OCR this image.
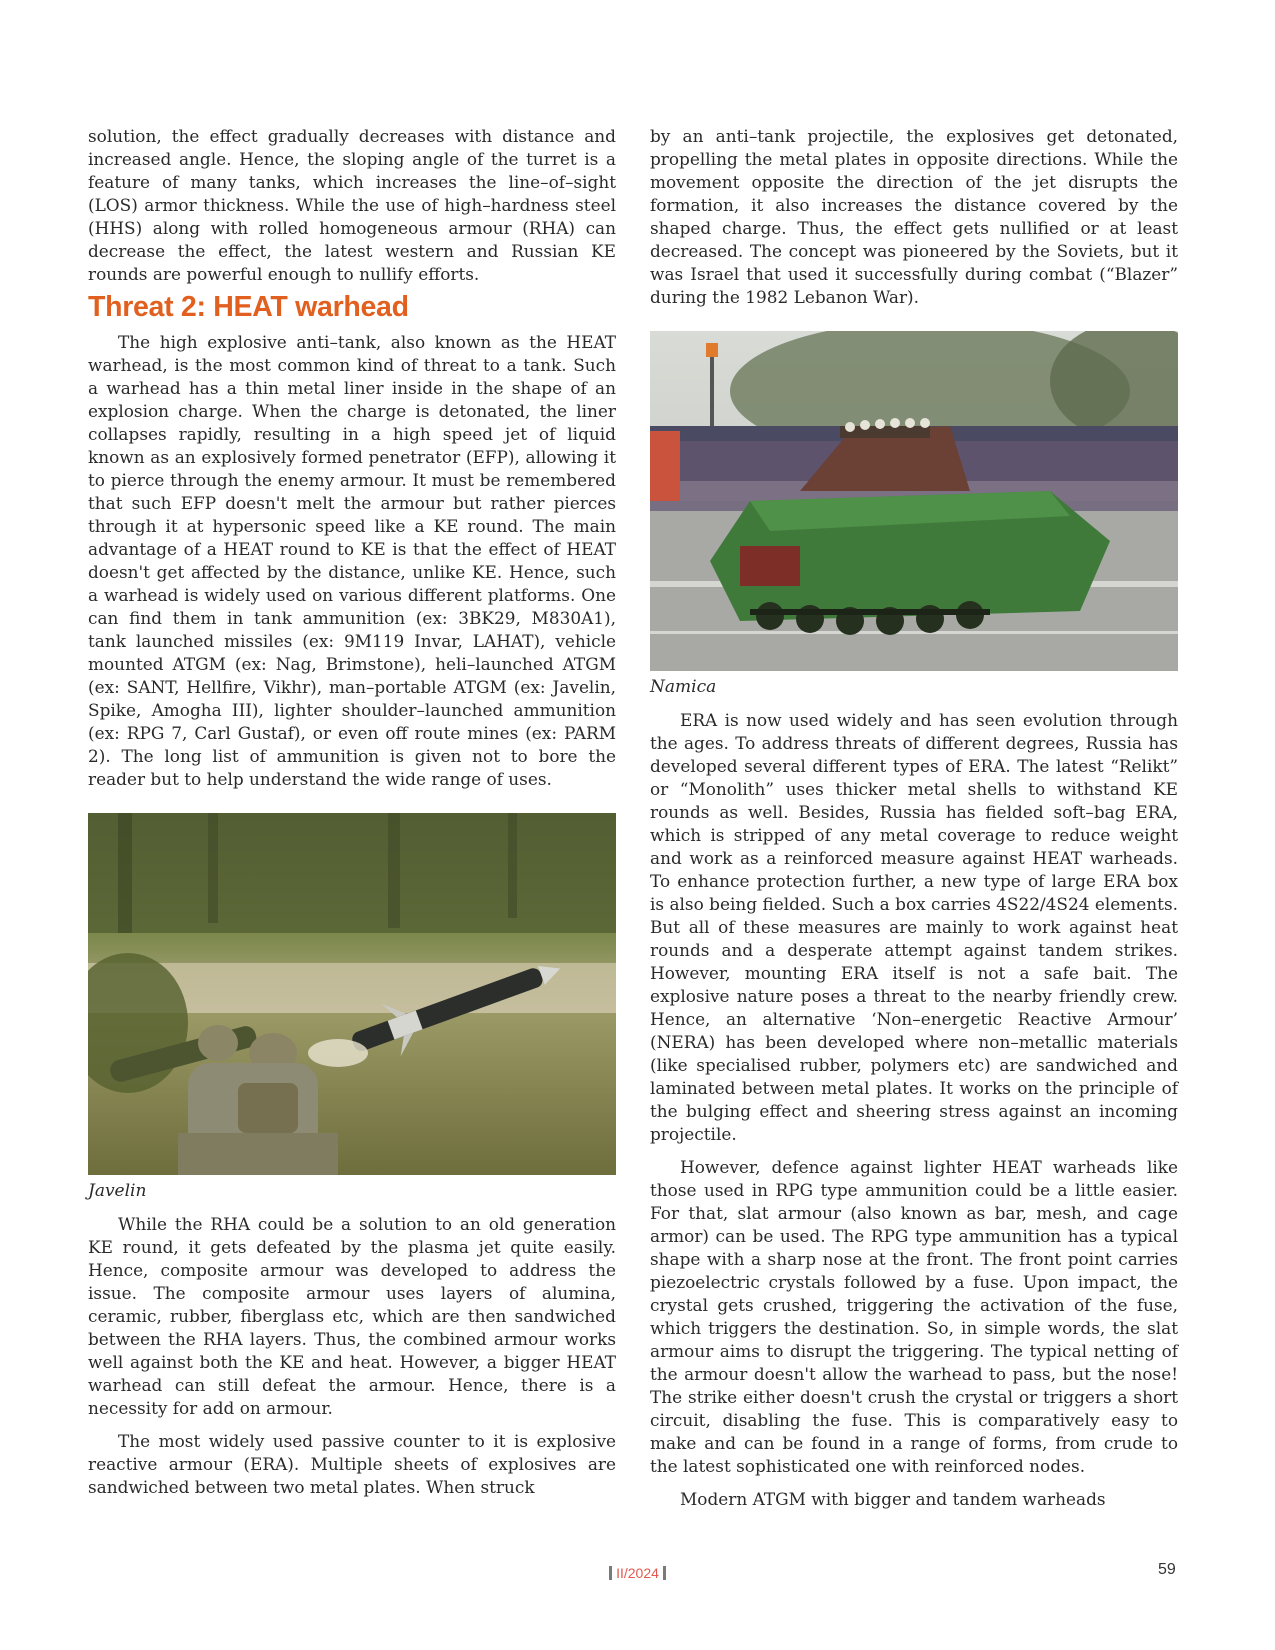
solution, the effect gradually decreases with distance and increased angle. Hence, the sloping angle of the turret is a feature of many tanks, which increases the line–of–sight (LOS) armor thickness. While the use of high–hardness steel (HHS) along with rolled homogeneous armour (RHA) can decrease the effect, the latest western and Russian KE rounds are powerful enough to nullify efforts.

Threat 2: HEAT warhead

The high explosive anti–tank, also known as the HEAT warhead, is the most common kind of threat to a tank. Such a warhead has a thin metal liner inside in the shape of an explosion charge. When the charge is detonated, the liner collapses rapidly, resulting in a high speed jet of liquid known as an explosively formed penetrator (EFP), allowing it to pierce through the enemy armour. It must be remembered that such EFP doesn't melt the armour but rather pierces through it at hypersonic speed like a KE round. The main advantage of a HEAT round to KE is that the effect of HEAT doesn't get affected by the distance, unlike KE. Hence, such a warhead is widely used on various different platforms. One can find them in tank ammunition (ex: 3BK29, M830A1), tank launched missiles (ex: 9M119 Invar, LAHAT), vehicle mounted ATGM (ex: Nag, Brimstone), heli–launched ATGM (ex: SANT, Hellfire, Vikhr), man–portable ATGM (ex: Javelin, Spike, Amogha III), lighter shoulder–launched ammunition (ex: RPG 7, Carl Gustaf), or even off route mines (ex: PARM 2). The long list of ammunition is given not to bore the reader but to help understand the wide range of uses.

Javelin

While the RHA could be a solution to an old generation KE round, it gets defeated by the plasma jet quite easily. Hence, composite armour was developed to address the issue. The composite armour uses layers of alumina, ceramic, rubber, fiberglass etc, which are then sandwiched between the RHA layers. Thus, the combined armour works well against both the KE and heat. However, a bigger HEAT warhead can still defeat the armour. Hence, there is a necessity for add on armour.

The most widely used passive counter to it is explosive reactive armour (ERA). Multiple sheets of explosives are sandwiched between two metal plates. When struck

by an anti–tank projectile, the explosives get detonated, propelling the metal plates in opposite directions. While the movement opposite the direction of the jet disrupts the formation, it also increases the distance covered by the shaped charge. Thus, the effect gets nullified or at least decreased. The concept was pioneered by the Soviets, but it was Israel that used it successfully during combat (“Blazer” during the 1982 Lebanon War).

Namica

ERA is now used widely and has seen evolution through the ages. To address threats of different degrees, Russia has developed several different types of ERA. The latest “Relikt” or “Monolith” uses thicker metal shells to withstand KE rounds as well. Besides, Russia has fielded soft–bag ERA, which is stripped of any metal coverage to reduce weight and work as a reinforced measure against HEAT warheads. To enhance protection further, a new type of large ERA box is also being fielded. Such a box carries 4S22/4S24 elements. But all of these measures are mainly to work against heat rounds and a desperate attempt against tandem strikes. However, mounting ERA itself is not a safe bait. The explosive nature poses a threat to the nearby friendly crew. Hence, an alternative ‘Non–energetic Reactive Armour’ (NERA) has been developed where non–metallic materials (like specialised rubber, polymers etc) are sandwiched and laminated between metal plates. It works on the principle of the bulging effect and sheering stress against an incoming projectile.

However, defence against lighter HEAT warheads like those used in RPG type ammunition could be a little easier. For that, slat armour (also known as bar, mesh, and cage armor) can be used. The RPG type ammunition has a typical shape with a sharp nose at the front. The front point carries piezoelectric crystals followed by a fuse. Upon impact, the crystal gets crushed, triggering the activation of the fuse, which triggers the destination. So, in simple words, the slat armour aims to disrupt the triggering. The typical netting of the armour doesn't allow the warhead to pass, but the nose! The strike either doesn't crush the crystal or triggers a short circuit, disabling the fuse. This is comparatively easy to make and can be found in a range of forms, from crude to the latest sophisticated one with reinforced nodes.

Modern ATGM with bigger and tandem warheads

II/2024	59
